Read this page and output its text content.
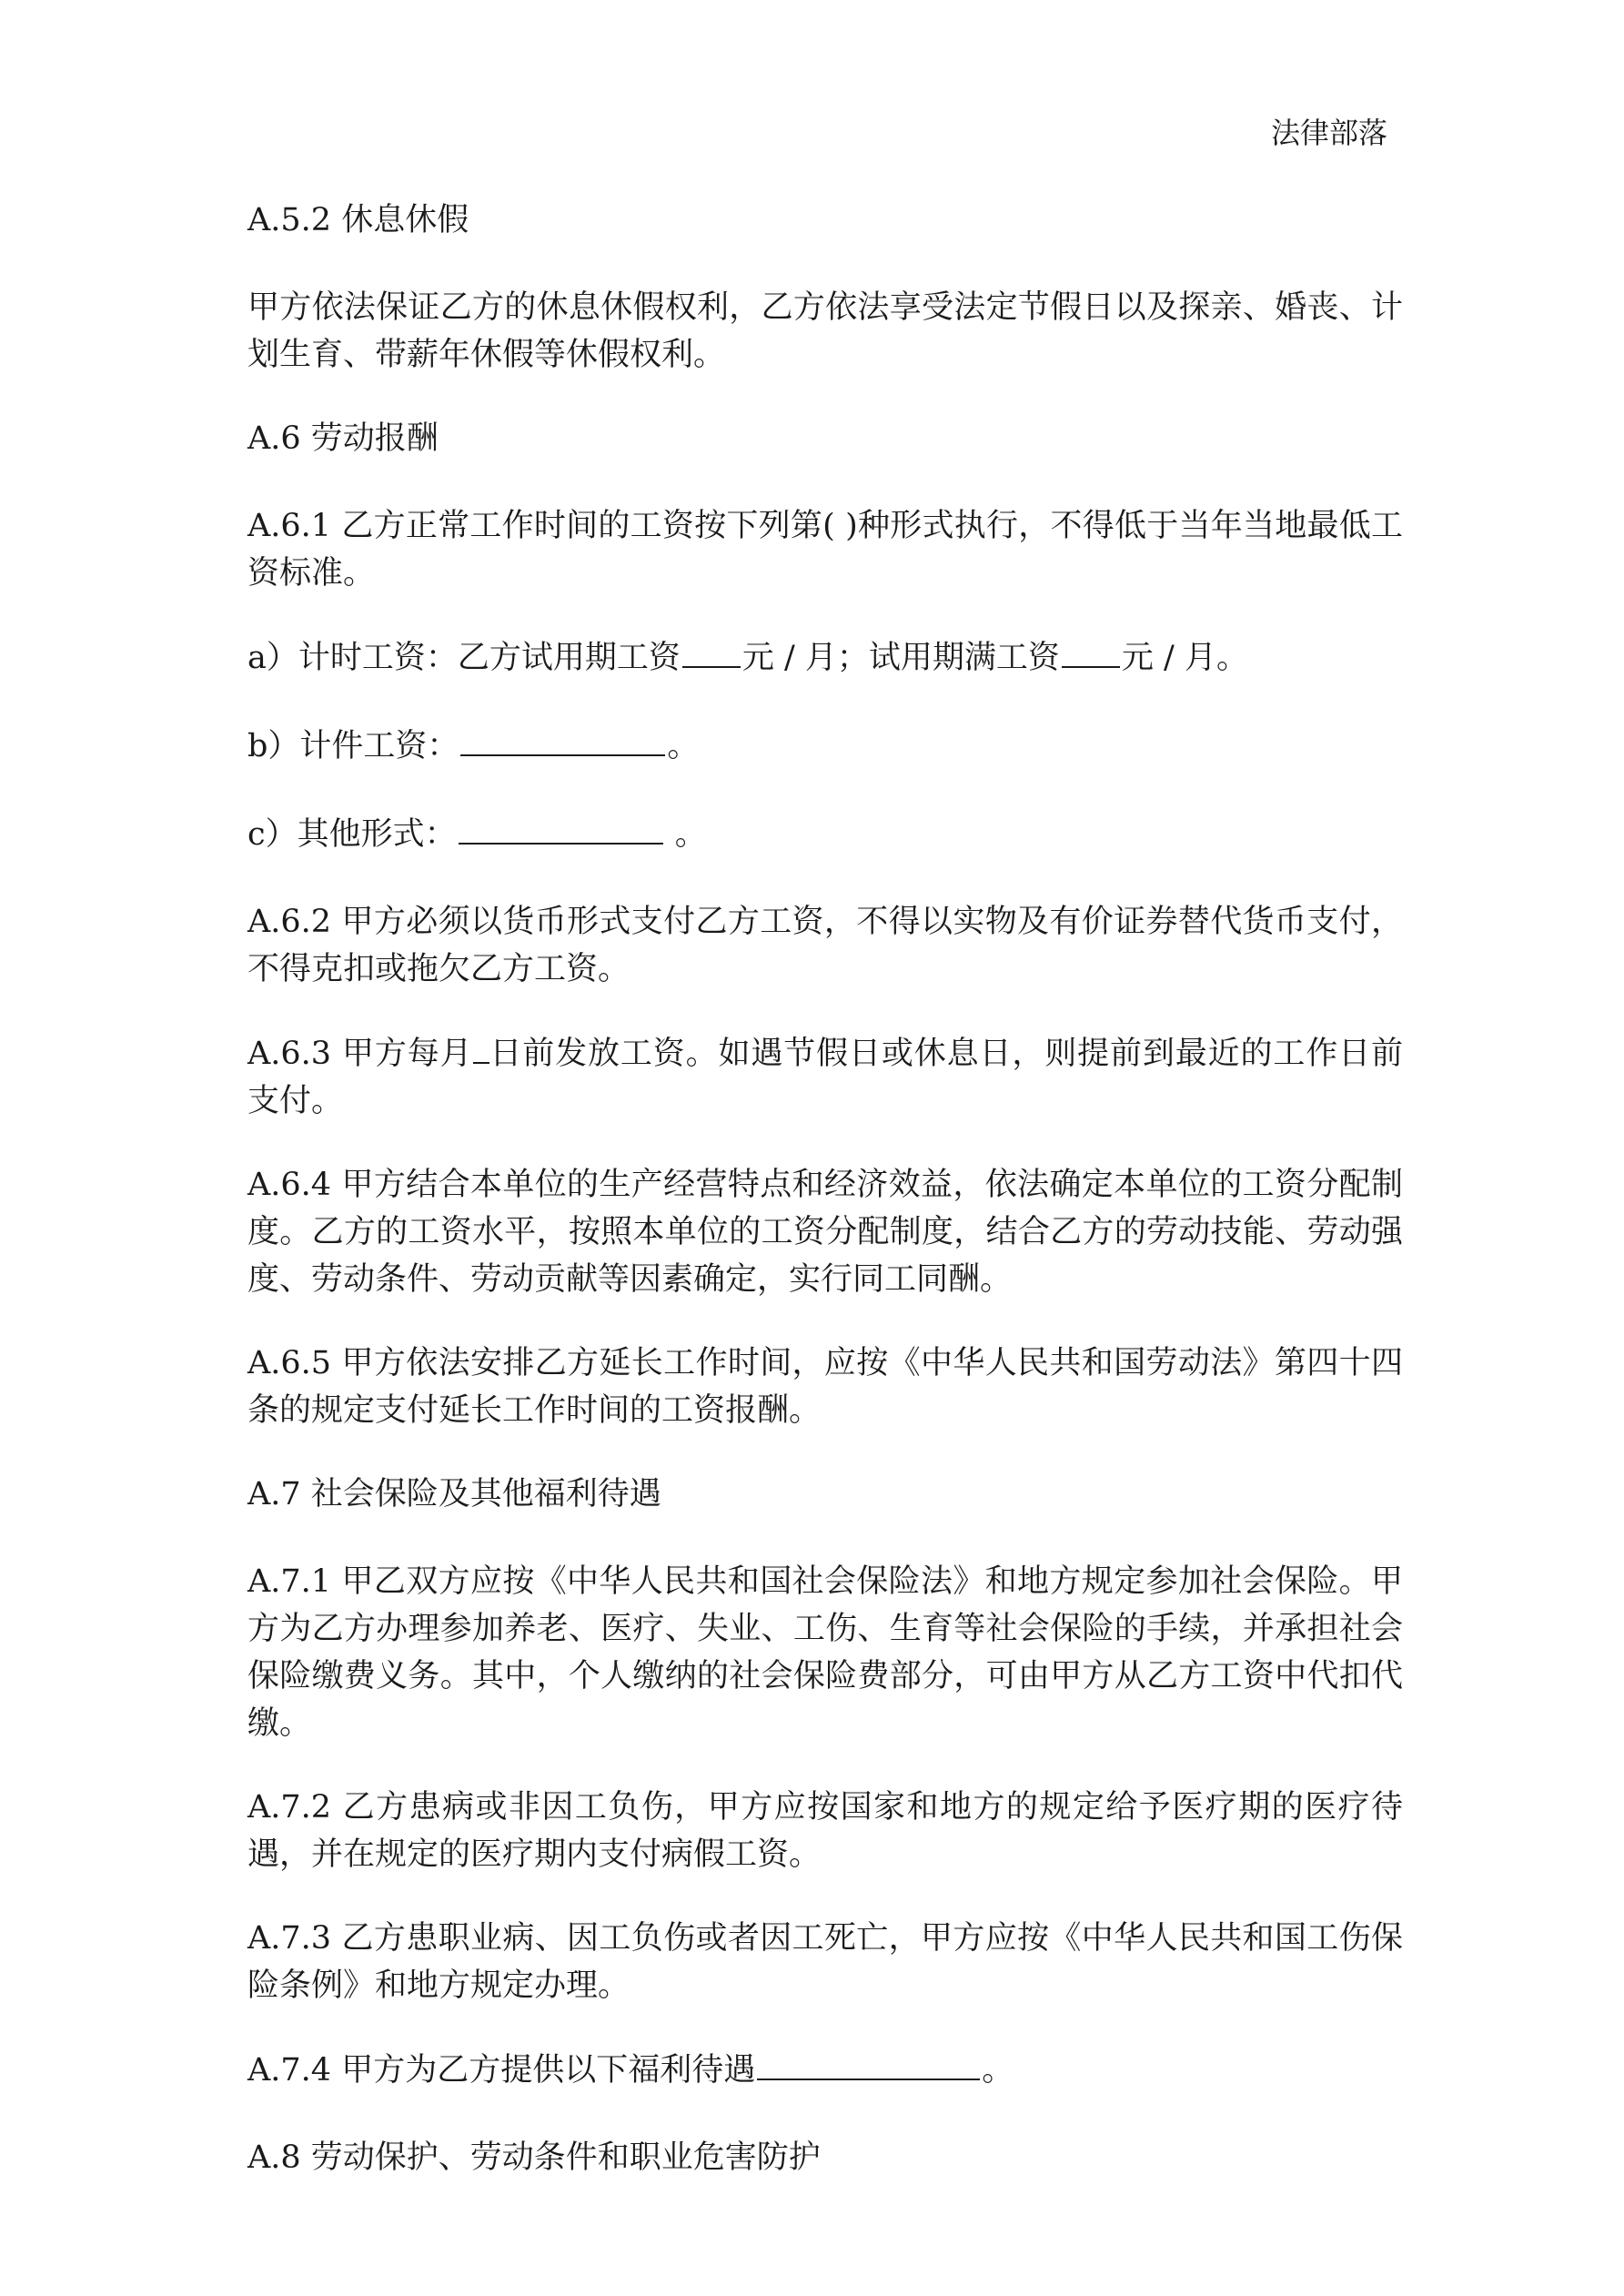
法律部落

A.5.2 休息休假

甲方依法保证乙方的休息休假权利，乙方依法享受法定节假日以及探亲、婚丧、计划生育、带薪年休假等休假权利。

A.6 劳动报酬

A.6.1 乙方正常工作时间的工资按下列第( )种形式执行，不得低于当年当地最低工资标准。

a）计时工资：乙方试用期工资 元 / 月；试用期满工资 元 / 月。

b）计件工资：	。

c）其他形式：	。

A.6.2 甲方必须以货币形式支付乙方工资，不得以实物及有价证券替代货币支付，不得克扣或拖欠乙方工资。

A.6.3 甲方每月 日前发放工资。如遇节假日或休息日，则提前到最近的工作日前支付。

A.6.4 甲方结合本单位的生产经营特点和经济效益，依法确定本单位的工资分配制度。乙方的工资水平，按照本单位的工资分配制度，结合乙方的劳动技能、劳动强度、劳动条件、劳动贡献等因素确定，实行同工同酬。

A.6.5 甲方依法安排乙方延长工作时间，应按《中华人民共和国劳动法》第四十四条的规定支付延长工作时间的工资报酬。

A.7 社会保险及其他福利待遇

A.7.1 甲乙双方应按《中华人民共和国社会保险法》和地方规定参加社会保险。甲方为乙方办理参加养老、医疗、失业、工伤、生育等社会保险的手续，并承担社会保险缴费义务。其中，个人缴纳的社会保险费部分，可由甲方从乙方工资中代扣代缴。

A.7.2 乙方患病或非因工负伤，甲方应按国家和地方的规定给予医疗期的医疗待遇，并在规定的医疗期内支付病假工资。

A.7.3 乙方患职业病、因工负伤或者因工死亡，甲方应按《中华人民共和国工伤保险条例》和地方规定办理。

A.7.4 甲方为乙方提供以下福利待遇	。

A.8 劳动保护、劳动条件和职业危害防护
